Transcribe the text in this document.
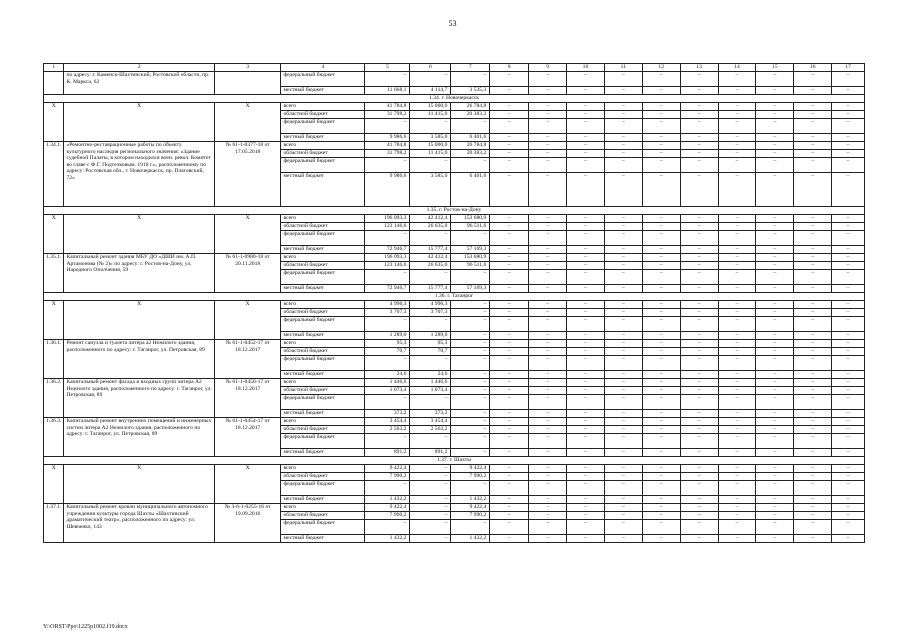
53
1	2	3	4	5	6	7	8	9	10	11	12	13	14	15	16	17
	по адресу: г. Каменск-Шахтинский, Ростовской области, пр. К. Маркса, 62		федеральный бюджет	–	–	–	–	–	–	–	–	–	–	–	–	–
			местный бюджет	11 668,1	4 114,7	3 535,3	–	–	–	–	–	–	–	–	–	–
1.34. г. Новочеркасск																
Х	Х	Х	всего	41 784,8	15 000,0	26 784,8	–	–	–	–	–	–	–	–	–	–
			областной бюджет	31 798,2	11 415,0	20 383,2	–	–	–	–	–	–	–	–	–	–
			федеральный бюджет	–	–	–	–	–	–	–	–	–	–	–	–	–
			местный бюджет	9 986,6	3 585,0	6 401,6	–	–	–	–	–	–	–	–	–	–
1.34.1.	«Ремонтно-реставрационные работы по объекту культурного наследия регионального значения: «Здание судебной Палаты, в котором находился воен. револ. Комитет во главе с Ф.Г. Подтелковым. 1918 г.», расположенному по адресу: Ростовская обл., г. Новочеркасск, пр. Платовский, 72»	№ 61-1-0377-18 от 17.05.2018	всего	41 784,8	15 000,0	26 784,8	–	–	–	–	–	–	–	–	–	–
			областной бюджет	31 798,2	11 415,0	20 383,2	–	–	–	–	–	–	–	–	–	–
			федеральный бюджет	–	–	–	–	–	–	–	–	–	–	–	–	–
			местный бюджет	9 986,6	3 585,0	6 401,6	–	–	–	–	–	–	–	–	–	–
1.35. г. Ростов-на-Дону																
Х	Х	Х	всего	196 093,3	42 412,4	153 680,9	–	–	–	–	–	–	–	–	–	–
			областной бюджет	123 146,6	26 635,0	96 511,6	–	–	–	–	–	–	–	–	–	–
			федеральный бюджет	–	–	–	–	–	–	–	–	–	–	–	–	–
			местный бюджет	72 946,7	15 777,4	57 169,3	–	–	–	–	–	–	–	–	–	–
1.35.1.	Капитальный ремонт здания МБУ ДО «ДШИ им. А.П. Артамонова (№ 2)» по адресу: г. Ростов-на-Дону, ул. Народного Ополчения, 59	№ 61-1-0980-18 от 20.11.2018	всего	196 093,3	42 412,4	153 680,9	–	–	–	–	–	–	–	–	–	–
			областной бюджет	123 146,6	26 635,0	96 511,6	–	–	–	–	–	–	–	–	–	–
			федеральный бюджет	–	–	–	–	–	–	–	–	–	–	–	–	–
			местный бюджет	72 946,7	15 777,4	57 169,3	–	–	–	–	–	–	–	–	–	–
1.36. г. Таганрог																
Х	Х	Х	всего	4 996,3	4 996,3	–	–	–	–	–	–	–	–	–	–	–
			областной бюджет	3 707,3	3 707,3	–	–	–	–	–	–	–	–	–	–	–
			федеральный бюджет	–	–	–	–	–	–	–	–	–	–	–	–	–
			местный бюджет	1 289,0	1 289,0	–	–	–	–	–	–	–	–	–	–	–
1.36.1.	Ремонт санузла и туалета литера а2 Нежилого здания, расположенного по адресу: г. Таганрог, ул. Петровская, 89	№ 61-1-0452-17 от 18.12.2017	всего	95,3	95,3	–	–	–	–	–	–	–	–	–	–	–
			областной бюджет	70,7	70,7	–	–	–	–	–	–	–	–	–	–	–
			федеральный бюджет	–	–	–	–	–	–	–	–	–	–	–	–	–
			местный бюджет	24,6	24,6	–	–	–	–	–	–	–	–	–	–	–
1.36.2.	Капитальный ремонт фасада и входных групп литера А2 Нежилого здания, расположенного по адресу: г. Таганрог, ул. Петровская, 89	№ 61-1-0450-17 от 18.12.2017	всего	1 446,6	1 446,6	–	–	–	–	–	–	–	–	–	–	–
			областной бюджет	1 073,4	1 073,4	–	–	–	–	–	–	–	–	–	–	–
			федеральный бюджет	–	–	–	–	–	–	–	–	–	–	–	–	–
			местный бюджет	373,2	373,2	–	–	–	–	–	–	–	–	–	–	–
1.36.3.	Капитальный ремонт внутренних помещений и инженерных систем литера А2 Нежилого здания, расположенного по адресу: г. Таганрог, ул. Петровская, 89	№ 61-1-0454-17 от 18.12.2017	всего	3 454,4	3 454,4	–	–	–	–	–	–	–	–	–	–	–
			областной бюджет	2 563,2	2 563,2	–	–	–	–	–	–	–	–	–	–	–
			федеральный бюджет	–	–	–	–	–	–	–	–	–	–	–	–	–
			местный бюджет	891,2	891,2	–	–	–	–	–	–	–	–	–	–	–
1.37. г. Шахты																
Х	Х	Х	всего	9 422,4	–	9 422,4	–	–	–	–	–	–	–	–	–	–
			областной бюджет	7 990,2	–	7 990,2	–	–	–	–	–	–	–	–	–	–
			федеральный бюджет	–	–	–	–	–	–	–	–	–	–	–	–	–
			местный бюджет	1 432,2	–	1 432,2	–	–	–	–	–	–	–	–	–	–
1.37.1.	Капитальный ремонт кровли муниципального автономного учреждения культуры города Шахты «Шахтинский драматический театр», расположенного по адресу: ул. Шевченко, 143	№ 3-6-1-0255-16 от 19.09.2016	всего	9 422,4	–	9 422,4	–	–	–	–	–	–	–	–	–	–
			областной бюджет	7 990,2	–	7 990,2	–	–	–	–	–	–	–	–	–	–
			федеральный бюджет	–	–	–	–	–	–	–	–	–	–	–	–	–
			местный бюджет	1 432,2	–	1 432,2	–	–	–	–	–	–	–	–	–	–
Y:\ORST\Ppo\1225p1002.f19.docx
